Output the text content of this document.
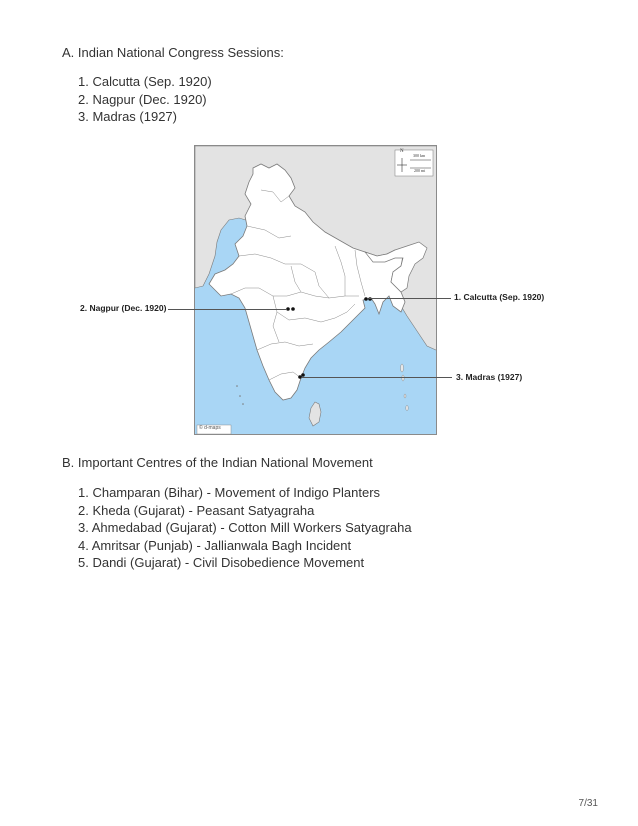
A. Indian National Congress Sessions:
1. Calcutta (Sep. 1920)
2. Nagpur (Dec. 1920)
3. Madras (1927)
N
300 km
200 mi
© d-maps
2. Nagpur (Dec. 1920)
1. Calcutta (Sep. 1920)
3. Madras (1927)
B. Important Centres of the Indian National Movement
1. Champaran (Bihar) - Movement of Indigo Planters
2. Kheda (Gujarat) - Peasant Satyagraha
3. Ahmedabad (Gujarat) - Cotton Mill Workers Satyagraha
4. Amritsar (Punjab) - Jallianwala Bagh Incident
5. Dandi (Gujarat) - Civil Disobedience Movement
7/31
